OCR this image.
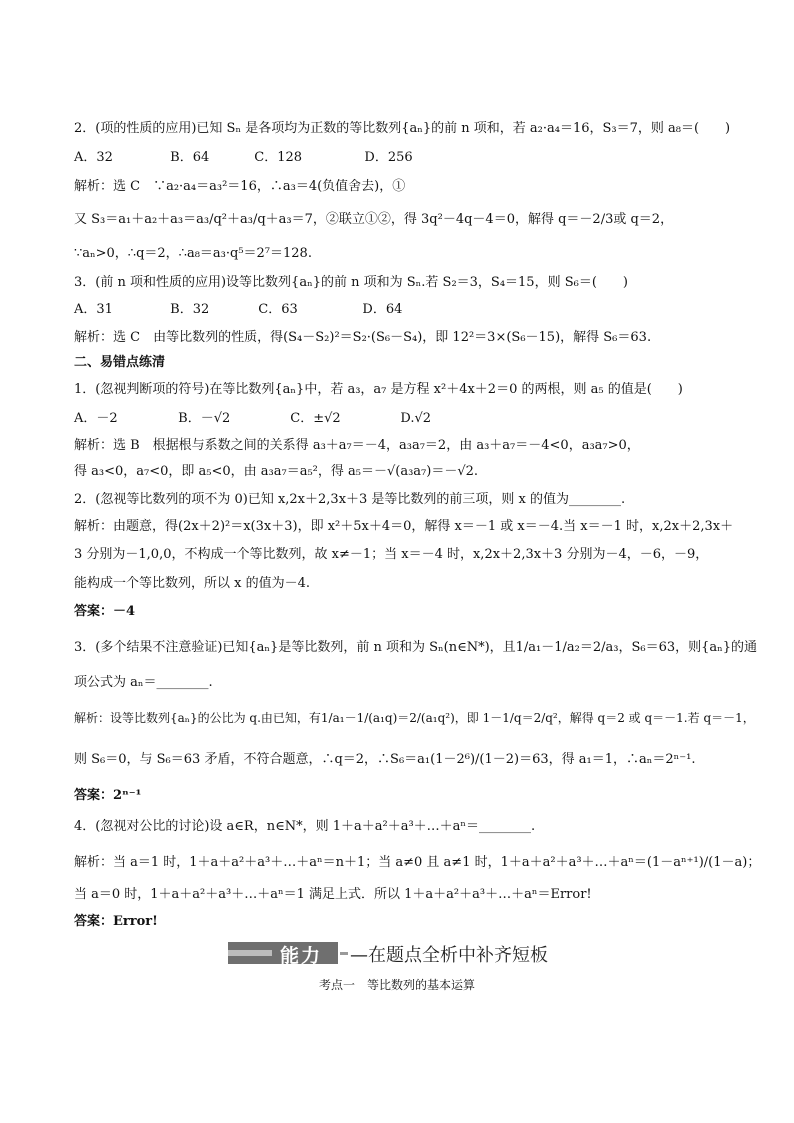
2．(项的性质的应用)已知 Sₙ 是各项均为正数的等比数列{aₙ}的前 n 项和，若 a₂·a₄＝16，S₃＝7，则 a₈＝(　　)
A．32	B．64	C．128	D．256
解析：选 C　∵a₂·a₄＝a₃²＝16，∴a₃＝4(负值舍去)，①
又 S₃＝a₁＋a₂＋a₃＝a₃/q²＋a₃/q＋a₃＝7，②联立①②，得 3q²－4q－4＝0，解得 q＝－2/3或 q＝2，
∵aₙ>0，∴q＝2，∴a₈＝a₃·q⁵＝2⁷＝128.
3．(前 n 项和性质的应用)设等比数列{aₙ}的前 n 项和为 Sₙ.若 S₂＝3，S₄＝15，则 S₆＝(　　)
A．31	B．32	C．63	D．64
解析：选 C　由等比数列的性质，得(S₄－S₂)²＝S₂·(S₆－S₄)，即 12²＝3×(S₆－15)，解得 S₆＝63.
二、易错点练清
1．(忽视判断项的符号)在等比数列{aₙ}中，若 a₃，a₇ 是方程 x²＋4x＋2＝0 的两根，则 a₅ 的值是(　　)
A．－2	B．－√2	C．±√2	D.√2
解析：选 B　根据根与系数之间的关系得 a₃＋a₇＝－4，a₃a₇＝2，由 a₃＋a₇＝－4<0，a₃a₇>0，
得 a₃<0，a₇<0，即 a₅<0，由 a₃a₇＝a₅²，得 a₅＝－√(a₃a₇)＝－√2.
2．(忽视等比数列的项不为 0)已知 x,2x＋2,3x＋3 是等比数列的前三项，则 x 的值为________.
解析：由题意，得(2x＋2)²＝x(3x＋3)，即 x²＋5x＋4＝0，解得 x＝－1 或 x＝－4.当 x＝－1 时，x,2x＋2,3x＋
3 分别为－1,0,0，不构成一个等比数列，故 x≠－1；当 x＝－4 时，x,2x＋2,3x＋3 分别为－4，－6，－9，
能构成一个等比数列，所以 x 的值为－4.
答案：－4
3．(多个结果不注意验证)已知{aₙ}是等比数列，前 n 项和为 Sₙ(n∈N*)，且1/a₁－1/a₂＝2/a₃，S₆＝63，则{aₙ}的通
项公式为 aₙ＝________.
解析：设等比数列{aₙ}的公比为 q.由已知，有1/a₁－1/(a₁q)＝2/(a₁q²)，即 1－1/q＝2/q²，解得 q＝2 或 q＝－1.若 q＝－1，
则 S₆＝0，与 S₆＝63 矛盾，不符合题意，∴q＝2，∴S₆＝a₁(1－2⁶)/(1－2)＝63，得 a₁＝1，∴aₙ＝2ⁿ⁻¹.
答案：2ⁿ⁻¹
4．(忽视对公比的讨论)设 a∈R，n∈N*，则 1＋a＋a²＋a³＋…＋aⁿ＝________.
解析：当 a＝1 时，1＋a＋a²＋a³＋…＋aⁿ＝n＋1；当 a≠0 且 a≠1 时，1＋a＋a²＋a³＋…＋aⁿ＝(1－aⁿ⁺¹)/(1－a)；
当 a＝0 时，1＋a＋a²＋a³＋…＋aⁿ＝1 满足上式．所以 1＋a＋a²＋a³＋…＋aⁿ＝Error!
答案：Error!
能力 —在题点全析中补齐短板
考点一　等比数列的基本运算
